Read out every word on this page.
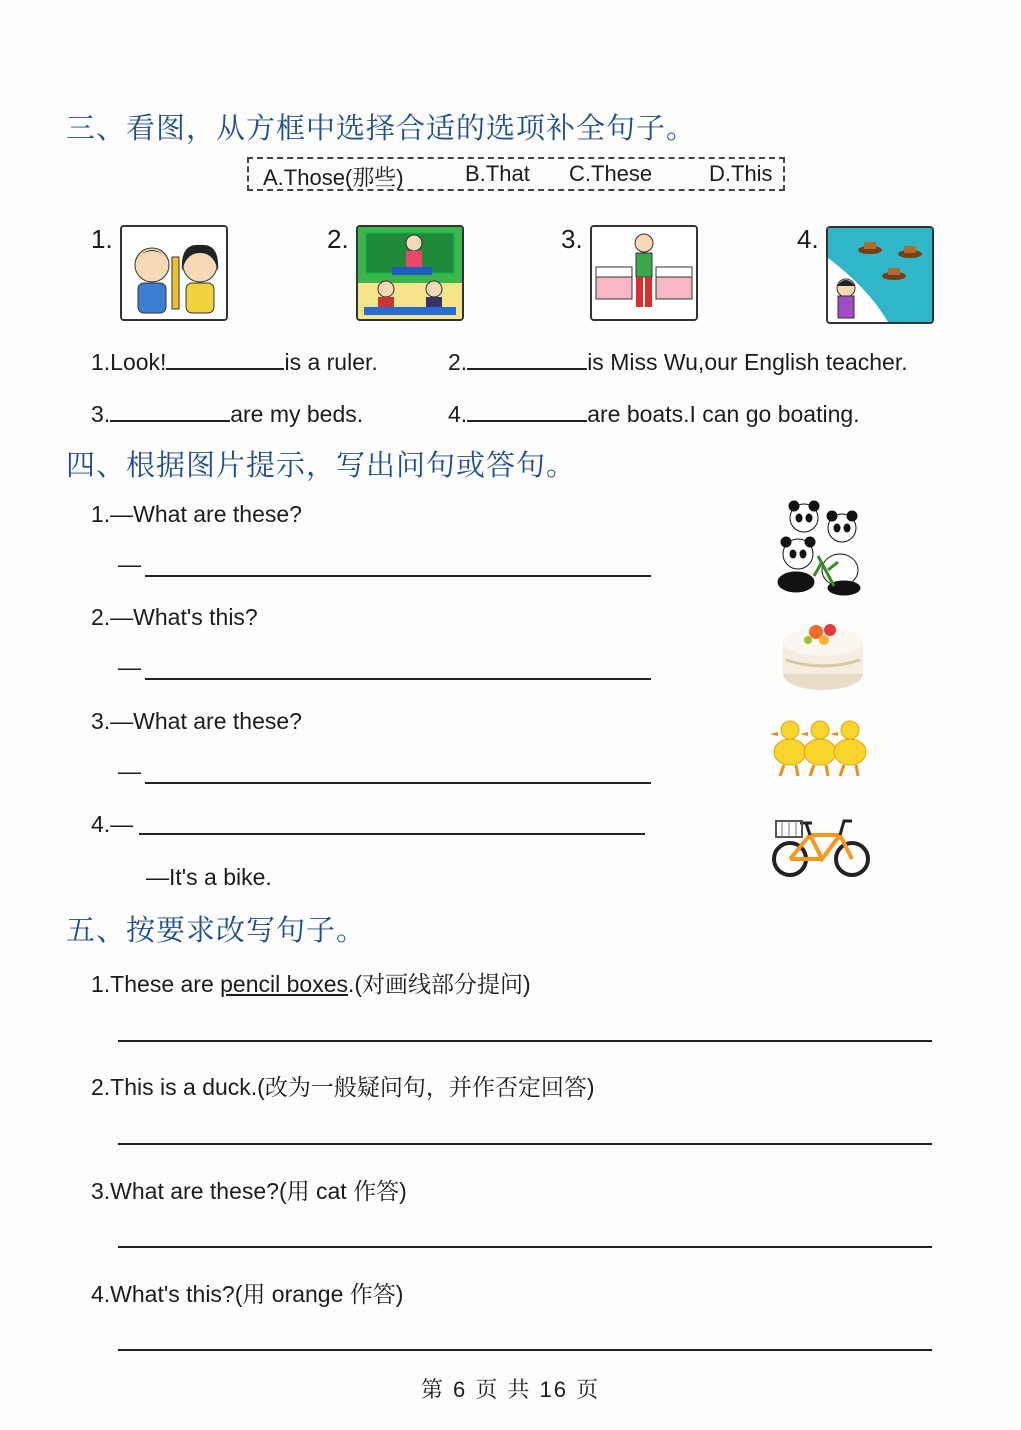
三、看图，从方框中选择合适的选项补全句子。
A.Those(那些)	B.That C.These	D.This
1.	2.	3.	4.
1.Look!	is a ruler.	2.	is Miss Wu,our English teacher.
3.	are my beds.	4.	are boats.I can go boating.
四、根据图片提示，写出问句或答句。
1.—What are these?
—
2.—What's this?
—
3.—What are these?
—
4.—
—It's a bike.
五、按要求改写句子。
1.These are pencil boxes.(对画线部分提问)
2.This is a duck.(改为一般疑问句，并作否定回答)
3.What are these?(用 cat 作答)
4.What's this?(用 orange 作答)
第 6 页 共 16 页
